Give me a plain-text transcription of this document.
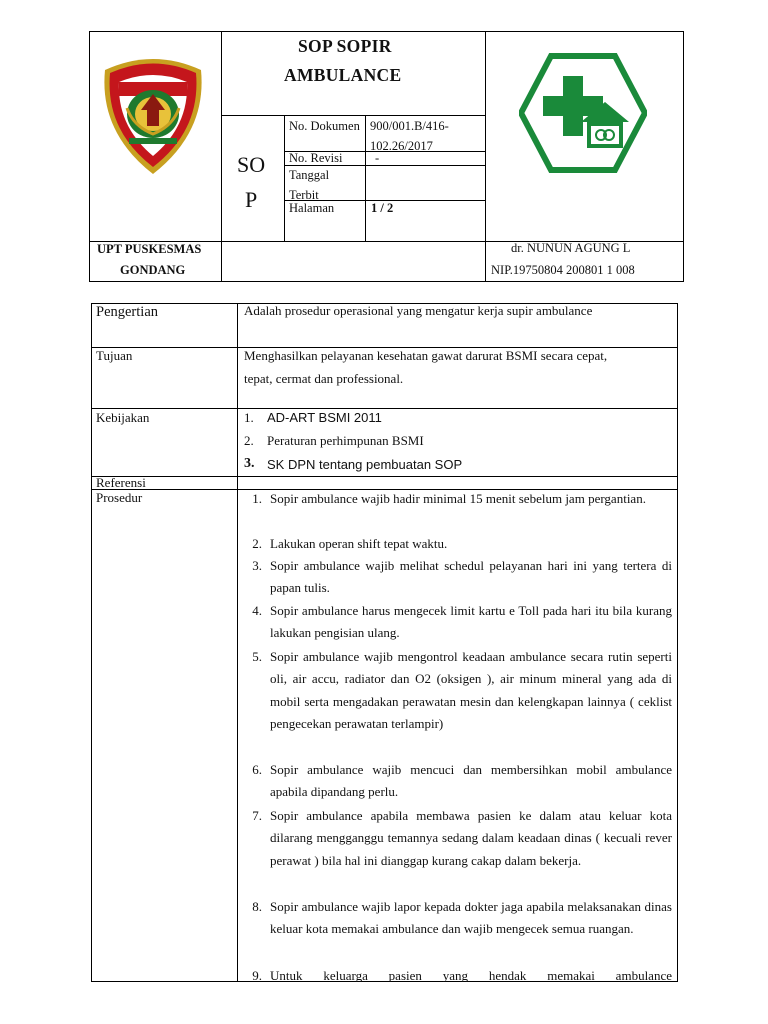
SOP SOPIR
AMBULANCE
SO
P
No. Dokumen 900/001.B/416-102.26/2017
No. Revisi	-
Tanggal Terbit
Halaman	1 / 2
UPT PUSKESMAS
GONDANG
dr. NUNUN AGUNG L
NIP.19750804 200801 1 008
Pengertian	Adalah prosedur operasional yang mengatur kerja supir ambulance
Tujuan	Menghasilkan pelayanan kesehatan gawat darurat BSMI secara cepat,
tepat, cermat dan professional.
Kebijakan	1. AD-ART BSMI 2011
2. Peraturan perhimpunan BSMI
3. SK DPN tentang pembuatan SOP
Referensi
Prosedur	1. Sopir ambulance wajib hadir minimal 15 menit sebelum jam pergantian.
2. Lakukan operan shift tepat waktu.
3. Sopir ambulance wajib melihat schedul pelayanan hari ini yang tertera di papan tulis.
4. Sopir ambulance harus mengecek limit kartu e Toll pada hari itu bila kurang lakukan pengisian ulang.
5. Sopir ambulance wajib mengontrol keadaan ambulance secara rutin seperti oli, air accu, radiator dan O2 (oksigen ), air minum mineral yang ada di mobil serta mengadakan perawatan mesin dan kelengkapan lainnya ( ceklist pengecekan perawatan terlampir)
6. Sopir ambulance wajib mencuci dan membersihkan mobil ambulance apabila dipandang perlu.
7. Sopir ambulance apabila membawa pasien ke dalam atau keluar kota dilarang mengganggu temannya sedang dalam keadaan dinas ( kecuali rever perawat ) bila hal ini dianggap kurang cakap dalam bekerja.
8. Sopir ambulance wajib lapor kepada dokter jaga apabila melaksanakan dinas keluar kota memakai ambulance dan wajib mengecek semua ruangan.
9. Untuk keluarga pasien yang hendak memakai ambulance
